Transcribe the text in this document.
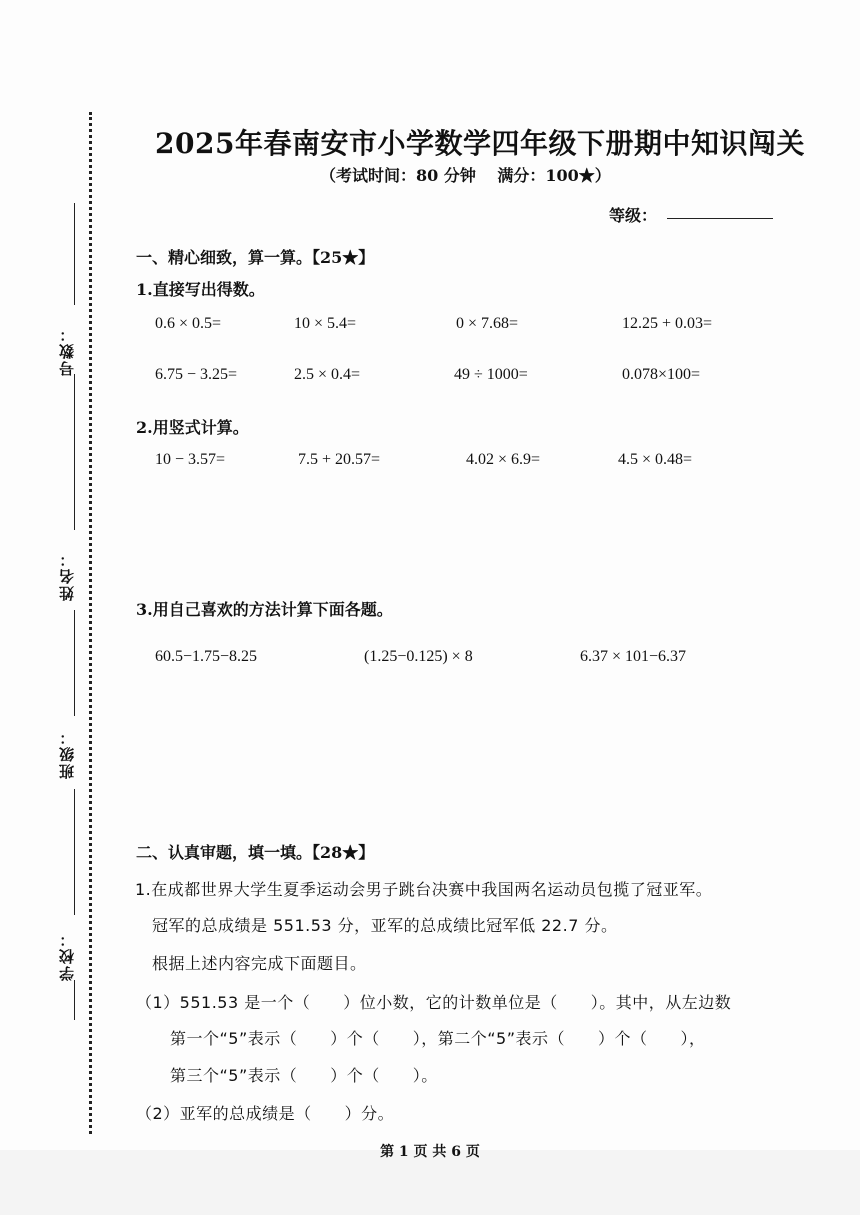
号数：
姓名：
班级：
学校：
2025年春南安市小学数学四年级下册期中知识闯关
（考试时间：80 分钟　 满分：100★）
等级：
一、精心细致，算一算。【25★】
1.直接写出得数。
0.6 × 0.5=	10 × 5.4=	0 × 7.68=	12.25 + 0.03=
6.75 − 3.25=	2.5 × 0.4=	49 ÷ 1000=	0.078×100=
2.用竖式计算。
10 − 3.57=	7.5 + 20.57=	4.02 × 6.9=	4.5 × 0.48=
3.用自己喜欢的方法计算下面各题。
60.5−1.75−8.25	(1.25−0.125) × 8	6.37 × 101−6.37
二、认真审题，填一填。【28★】
1.在成都世界大学生夏季运动会男子跳台决赛中我国两名运动员包揽了冠亚军。
冠军的总成绩是 551.53 分，亚军的总成绩比冠军低 22.7 分。
根据上述内容完成下面题目。
（1）551.53 是一个（　　）位小数，它的计数单位是（　　）。其中，从左边数
第一个“5”表示（　　）个（　　），第二个“5”表示（　　）个（　　），
第三个“5”表示（　　）个（　　）。
（2）亚军的总成绩是（　　）分。
第 1 页 共 6 页
